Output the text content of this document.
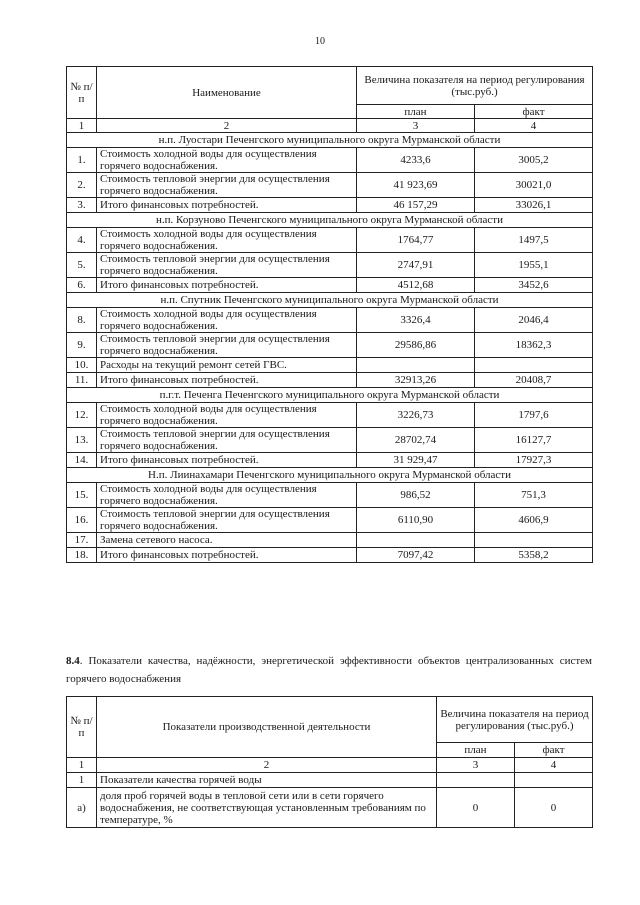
10
№ п/п	Наименование	Величина показателя на период регулирования (тыс.руб.)	
		план	факт
1	2	3	4
н.п. Луостари Печенгского муниципального округа Мурманской области			
1.	Стоимость холодной воды для осуществления горячего водоснабжения.	4233,6	3005,2
2.	Стоимость тепловой энергии для осуществления горячего водоснабжения.	41 923,69	30021,0
3.	Итого финансовых потребностей.	46 157,29	33026,1
н.п. Корзуново Печенгского муниципального округа Мурманской области			
4.	Стоимость холодной воды для осуществления горячего водоснабжения.	1764,77	1497,5
5.	Стоимость тепловой энергии для осуществления горячего водоснабжения.	2747,91	1955,1
6.	Итого финансовых потребностей.	4512,68	3452,6
н.п. Спутник Печенгского муниципального округа Мурманской области			
8.	Стоимость холодной воды для осуществления горячего водоснабжения.	3326,4	2046,4
9.	Стоимость тепловой энергии для осуществления горячего водоснабжения.	29586,86	18362,3
10.	Расходы на текущий ремонт сетей ГВС.		
11.	Итого финансовых потребностей.	32913,26	20408,7
п.г.т. Печенга Печенгского муниципального округа Мурманской области			
12.	Стоимость холодной воды для осуществления горячего водоснабжения.	3226,73	1797,6
13.	Стоимость тепловой энергии для осуществления горячего водоснабжения.	28702,74	16127,7
14.	Итого финансовых потребностей.	31 929,47	17927,3
Н.п. Лиинахамари Печенгского муниципального округа Мурманской области			
15.	Стоимость холодной воды для осуществления горячего водоснабжения.	986,52	751,3
16.	Стоимость тепловой энергии для осуществления горячего водоснабжения.	6110,90	4606,9
17.	Замена сетевого насоса.		
18.	Итого финансовых потребностей.	7097,42	5358,2
8.4. Показатели качества, надёжности, энергетической эффективности объектов централизованных систем горячего водоснабжения
№ п/п	Показатели производственной деятельности	Величина показателя на период регулирования (тыс.руб.)	
		план	факт
1	2	3	4
1	Показатели качества горячей воды		
а)	доля проб горячей воды в тепловой сети или в сети горячего водоснабжения, не соответствующая установленным требованиям по температуре, %	0	0
